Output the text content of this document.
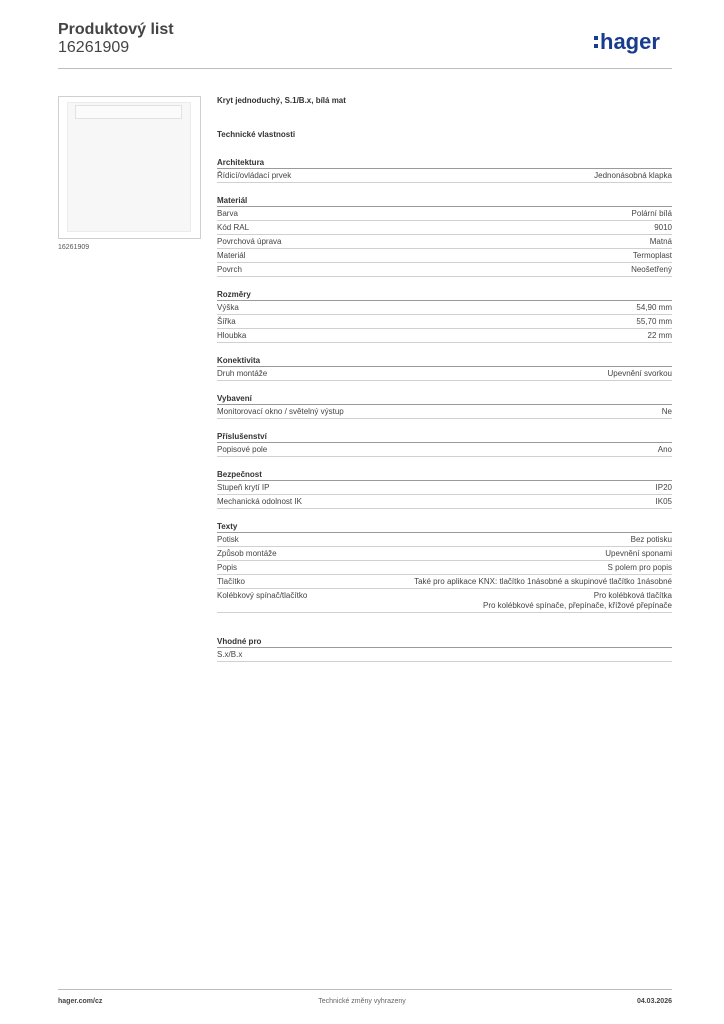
Produktový list
16261909	hager
16261909
Kryt jednoduchý, S.1/B.x, bílá mat
Technické vlastnosti
Architektura
Řídicí/ovládací prvek	Jednonásobná klapka
Materiál
Barva	Polární bílá
Kód RAL	9010
Povrchová úprava	Matná
Materiál	Termoplast
Povrch	Neošetřený
Rozměry
Výška	54,90 mm
Šířka	55,70 mm
Hloubka	22 mm
Konektivita
Druh montáže	Upevnění svorkou
Vybavení
Monitorovací okno / světelný výstup	Ne
Příslušenství
Popisové pole	Ano
Bezpečnost
Stupeň krytí IP	IP20
Mechanická odolnost IK	IK05
Texty
Potisk	Bez potisku
Způsob montáže	Upevnění sponami
Popis	S polem pro popis
Tlačítko	Také pro aplikace KNX: tlačítko 1násobné a skupinové tlačítko 1násobné
Kolébkový spínač/tlačítko	Pro kolébková tlačítka
Pro kolébkové spínače, přepínače, křížové přepínače
Vhodné pro
S.x/B.x
hager.com/cz	Technické změny vyhrazeny	04.03.2026
